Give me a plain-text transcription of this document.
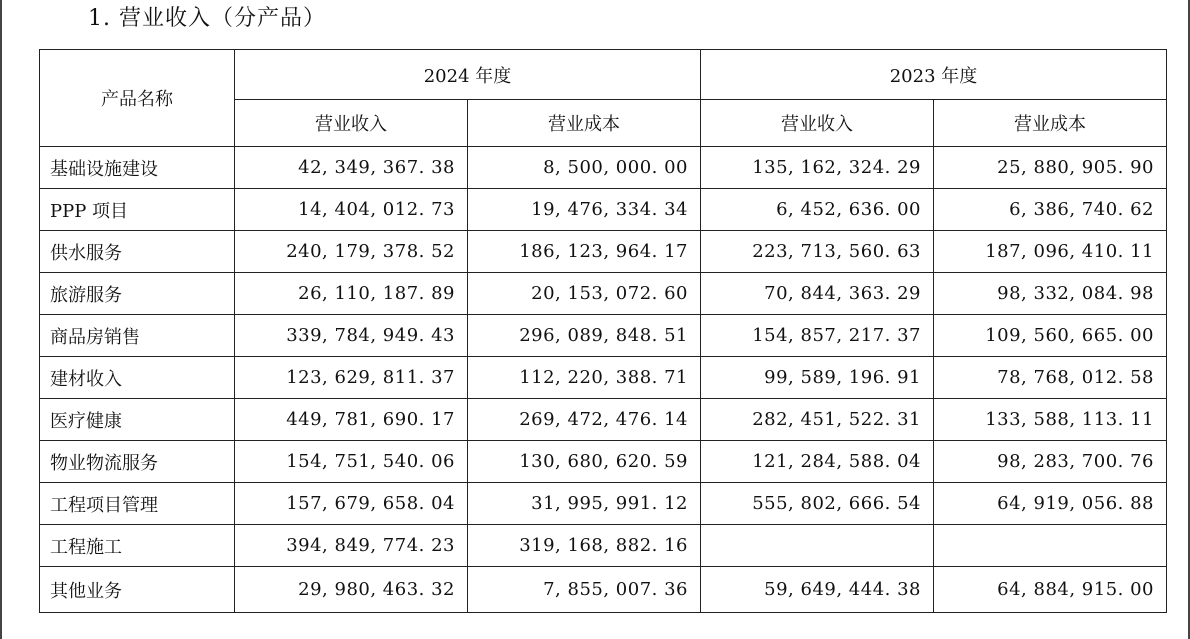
1. 营业收入（分产品）
产品名称	2024 年度		2023 年度	
	营业收入	营业成本	营业收入	营业成本
基础设施建设	42, 349, 367. 38	8, 500, 000. 00	135, 162, 324. 29	25, 880, 905. 90
PPP 项目	14, 404, 012. 73	19, 476, 334. 34	6, 452, 636. 00	6, 386, 740. 62
供水服务	240, 179, 378. 52	186, 123, 964. 17	223, 713, 560. 63	187, 096, 410. 11
旅游服务	26, 110, 187. 89	20, 153, 072. 60	70, 844, 363. 29	98, 332, 084. 98
商品房销售	339, 784, 949. 43	296, 089, 848. 51	154, 857, 217. 37	109, 560, 665. 00
建材收入	123, 629, 811. 37	112, 220, 388. 71	99, 589, 196. 91	78, 768, 012. 58
医疗健康	449, 781, 690. 17	269, 472, 476. 14	282, 451, 522. 31	133, 588, 113. 11
物业物流服务	154, 751, 540. 06	130, 680, 620. 59	121, 284, 588. 04	98, 283, 700. 76
工程项目管理	157, 679, 658. 04	31, 995, 991. 12	555, 802, 666. 54	64, 919, 056. 88
工程施工	394, 849, 774. 23	319, 168, 882. 16		
其他业务	29, 980, 463. 32	7, 855, 007. 36	59, 649, 444. 38	64, 884, 915. 00
